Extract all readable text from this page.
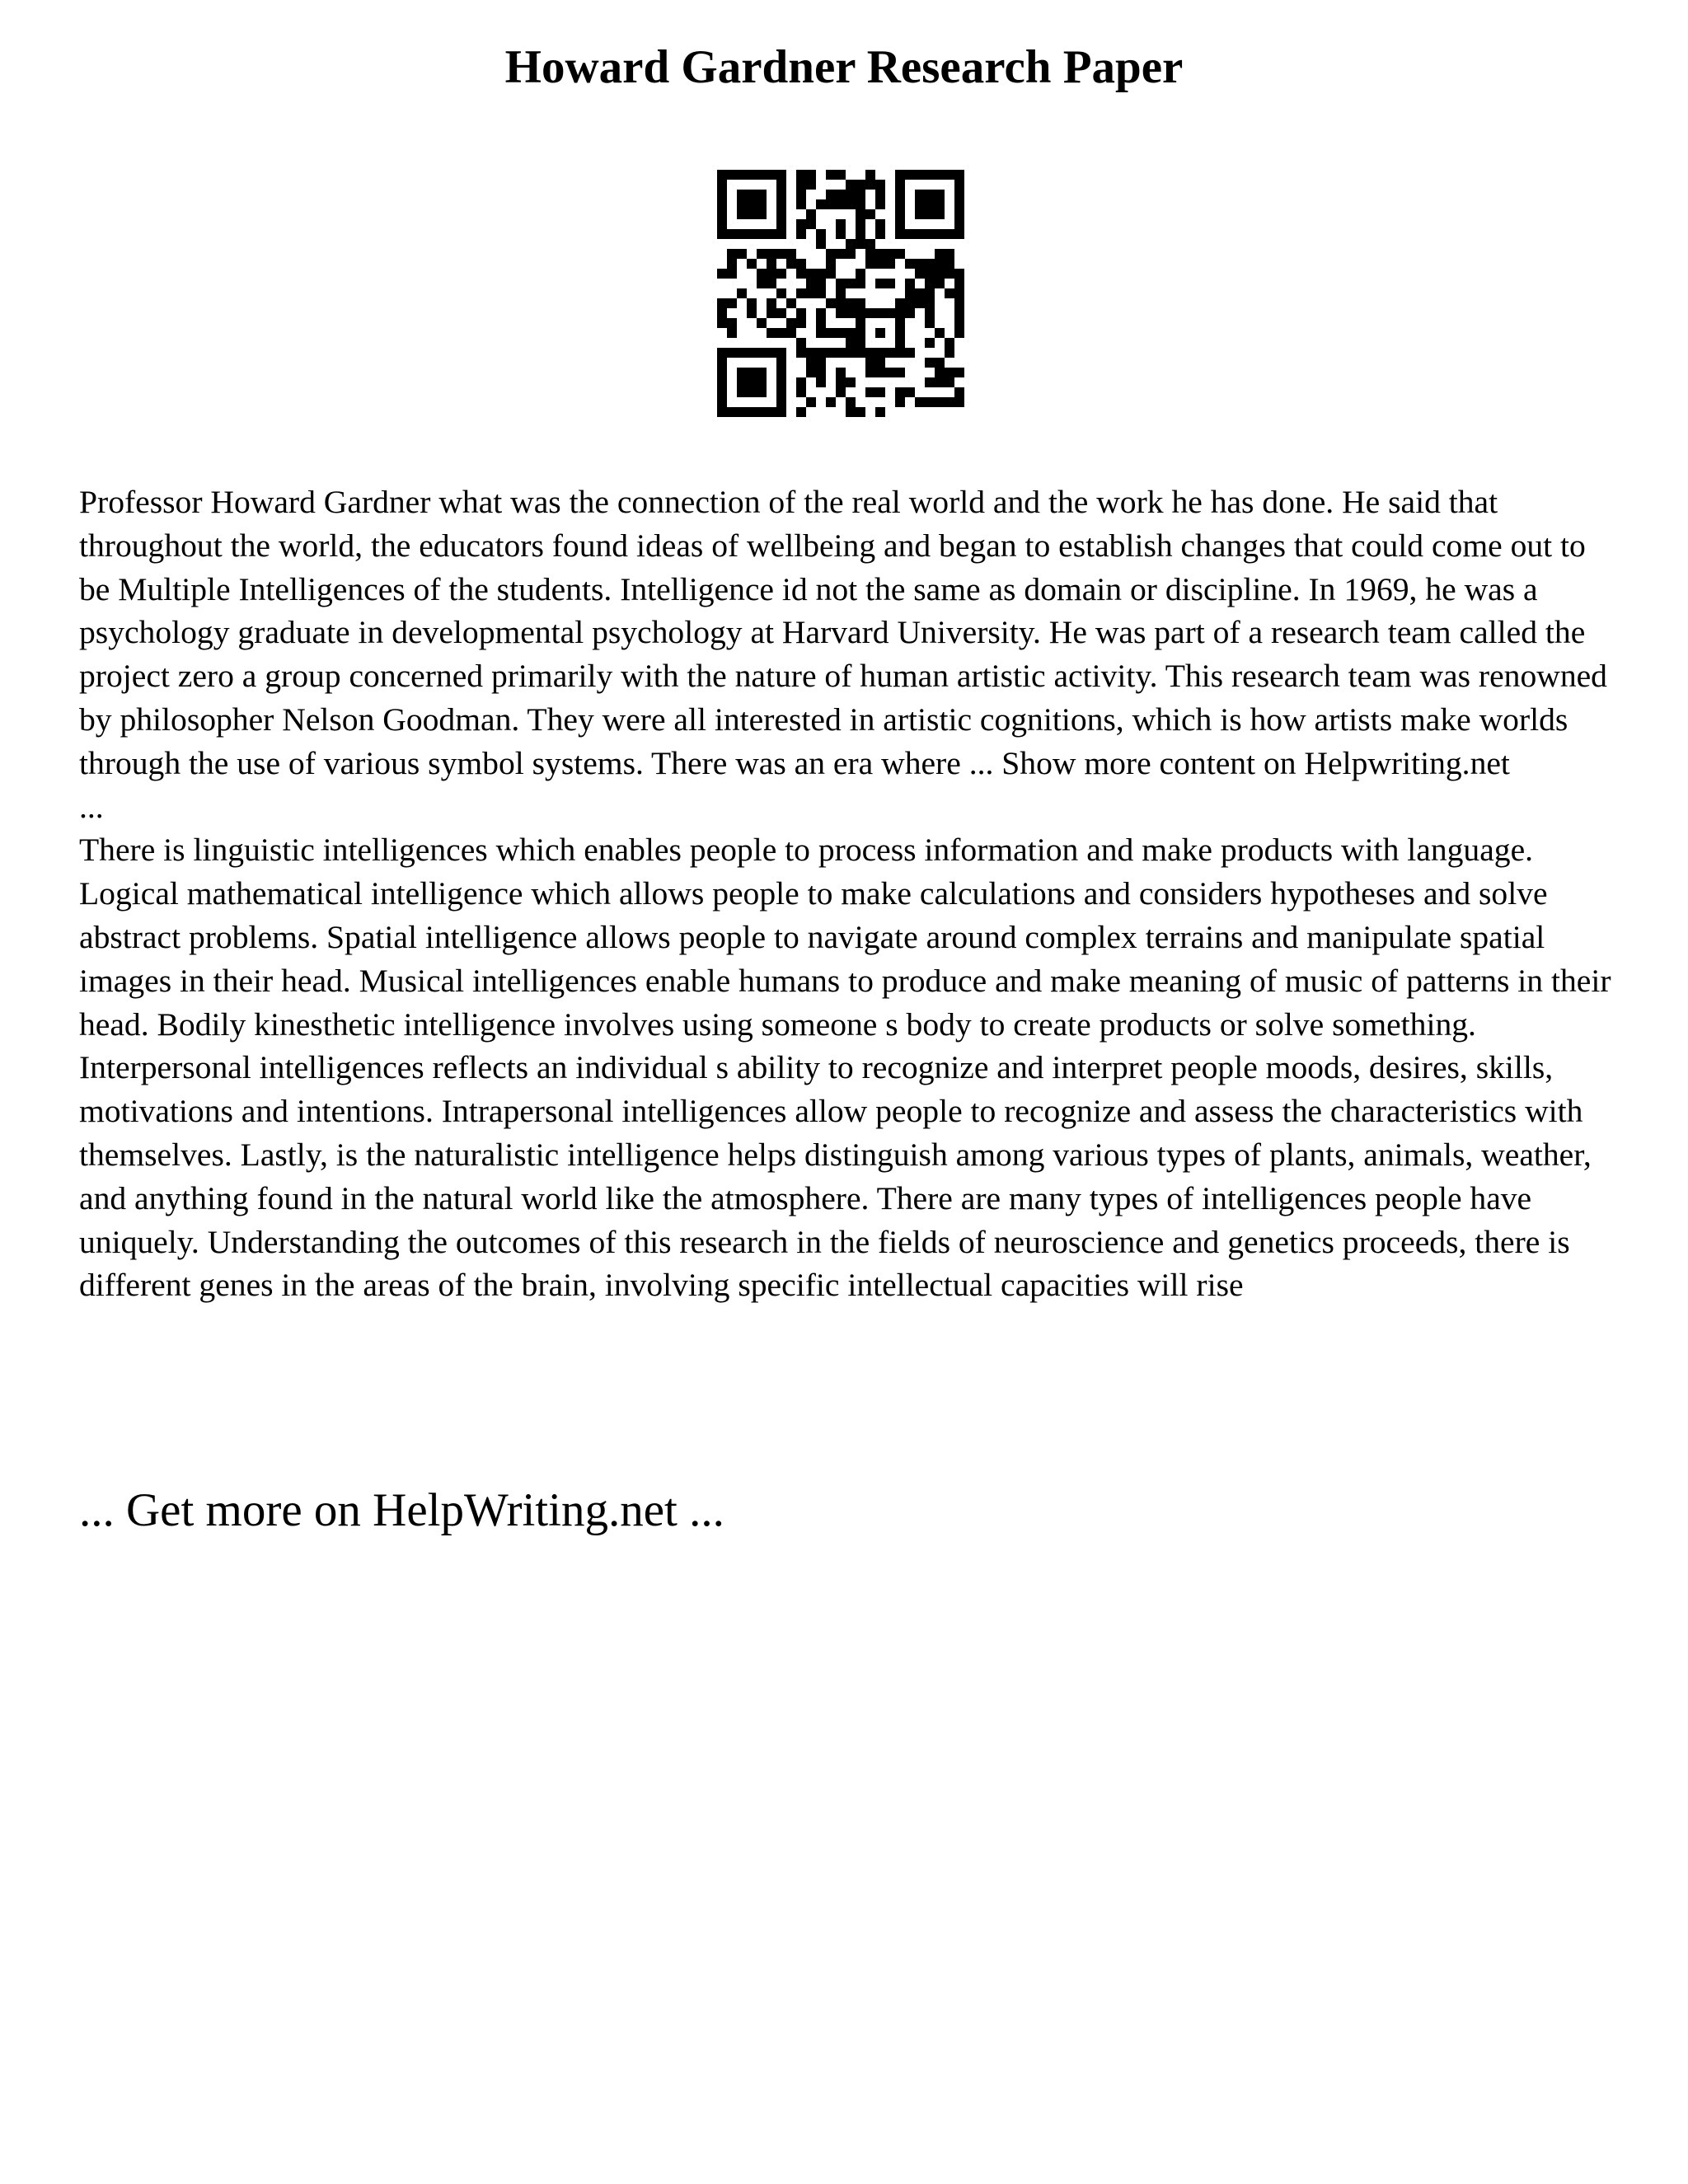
Howard Gardner Research Paper

Professor Howard Gardner what was the connection of the real world and the work he has done. He said that throughout the world, the educators found ideas of wellbeing and began to establish changes that could come out to be Multiple Intelligences of the students. Intelligence id not the same as domain or discipline. In 1969, he was a psychology graduate in developmental psychology at Harvard University. He was part of a research team called the project zero a group concerned primarily with the nature of human artistic activity. This research team was renowned by philosopher Nelson Goodman. They were all interested in artistic cognitions, which is how artists make worlds through the use of various symbol systems. There was an era where ... Show more content on Helpwriting.net

...

There is linguistic intelligences which enables people to process information and make products with language. Logical mathematical intelligence which allows people to make calculations and considers hypotheses and solve abstract problems. Spatial intelligence allows people to navigate around complex terrains and manipulate spatial images in their head. Musical intelligences enable humans to produce and make meaning of music of patterns in their head. Bodily kinesthetic intelligence involves using someone s body to create products or solve something. Interpersonal intelligences reflects an individual s ability to recognize and interpret people moods, desires, skills, motivations and intentions. Intrapersonal intelligences allow people to recognize and assess the characteristics with themselves. Lastly, is the naturalistic intelligence helps distinguish among various types of plants, animals, weather, and anything found in the natural world like the atmosphere. There are many types of intelligences people have uniquely. Understanding the outcomes of this research in the fields of neuroscience and genetics proceeds, there is different genes in the areas of the brain, involving specific intellectual capacities will rise

... Get more on HelpWriting.net ...
